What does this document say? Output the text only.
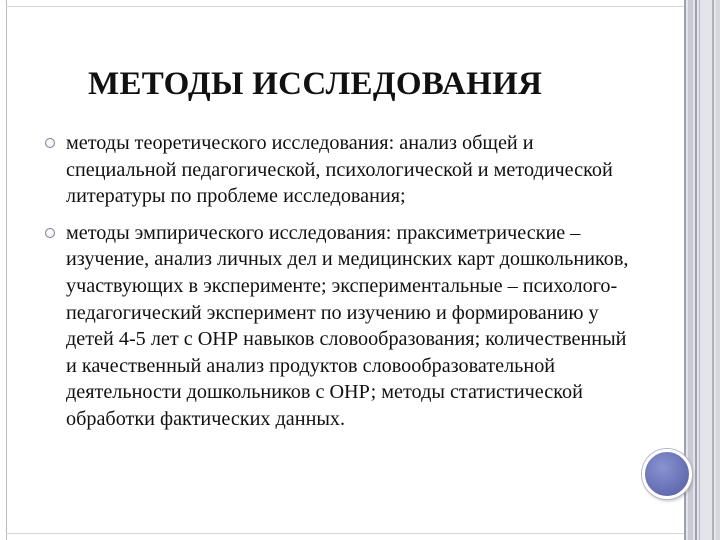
МЕТОДЫ ИССЛЕДОВАНИЯ
методы теоретического исследования: анализ общей и специальной педагогической, психологической и методической литературы по проблеме исследования;
методы эмпирического исследования: праксиметрические – изучение, анализ личных дел и медицинских карт дошкольников, участвующих в эксперименте; экспериментальные – психолого-педагогический эксперимент по изучению и формированию у детей 4-5 лет с ОНР навыков словообразования; количественный и качественный анализ продуктов словообразовательной деятельности дошкольников с ОНР; методы статистической обработки фактических данных.
